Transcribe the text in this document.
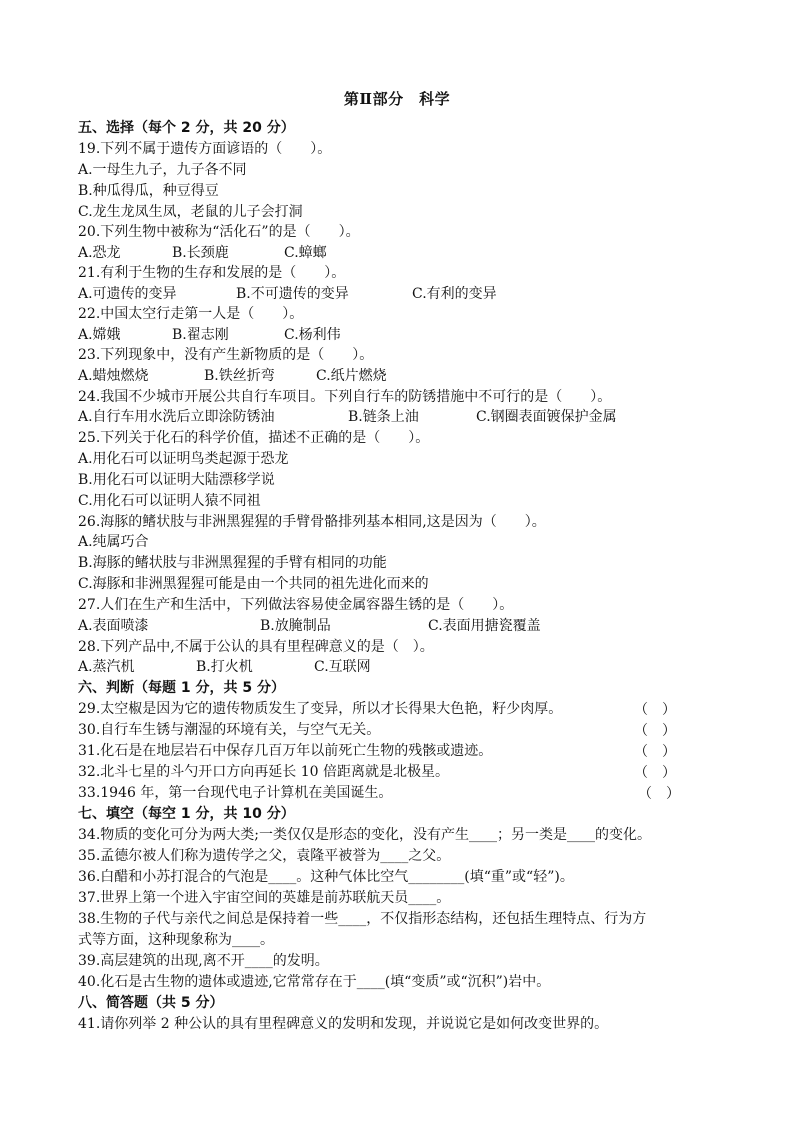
第Ⅱ部分　科学
五、选择（每个 2 分，共 20 分）
19.下列不属于遗传方面谚语的（　　）。
A.一母生九子，九子各不同
B.种瓜得瓜，种豆得豆
C.龙生龙凤生凤，老鼠的儿子会打洞
20.下列生物中被称为“活化石”的是（　　）。
A.恐龙	B.长颈鹿	C.蟑螂
21.有利于生物的生存和发展的是（　　）。
A.可遗传的变异	B.不可遗传的变异	C.有利的变异
22.中国太空行走第一人是（　　）。
A.嫦娥	B.翟志刚	C.杨利伟
23.下列现象中，没有产生新物质的是（　　）。
A.蜡烛燃烧	B.铁丝折弯	C.纸片燃烧
24.我国不少城市开展公共自行车项目。下列自行车的防锈措施中不可行的是（　　）。
A.自行车用水洗后立即涂防锈油	B.链条上油	C.钢圈表面镀保护金属
25.下列关于化石的科学价值，描述不正确的是（　　）。
A.用化石可以证明鸟类起源于恐龙
B.用化石可以证明大陆漂移学说
C.用化石可以证明人猿不同祖
26.海豚的鳍状肢与非洲黑猩猩的手臂骨骼排列基本相同,这是因为（　　）。
A.纯属巧合
B.海豚的鳍状肢与非洲黑猩猩的手臂有相同的功能
C.海豚和非洲黑猩猩可能是由一个共同的祖先进化而来的
27.人们在生产和生活中，下列做法容易使金属容器生锈的是（　　）。
A.表面喷漆	B.放腌制品	C.表面用搪瓷覆盖
28.下列产品中,不属于公认的具有里程碑意义的是（　）。
A.蒸汽机	B.打火机	C.互联网
六、判断（每题 1 分，共 5 分）
29.太空椒是因为它的遗传物质发生了变异，所以才长得果大色艳，籽少肉厚。	（　）
30.自行车生锈与潮湿的环境有关，与空气无关。	（　）
31.化石是在地层岩石中保存几百万年以前死亡生物的残骸或遗迹。	（　）
32.北斗七星的斗勺开口方向再延长 10 倍距离就是北极星。	（　）
33.1946 年，第一台现代电子计算机在美国诞生。	（　）
七、填空（每空 1 分，共 10 分）
34.物质的变化可分为两大类;一类仅仅是形态的变化，没有产生____；另一类是____的变化。
35.孟德尔被人们称为遗传学之父，袁隆平被誉为____之父。
36.白醋和小苏打混合的气泡是____。这种气体比空气________(填“重”或“轻”)。
37.世界上第一个进入宇宙空间的英雄是前苏联航天员____。
38.生物的子代与亲代之间总是保持着一些____，不仅指形态结构，还包括生理特点、行为方
式等方面，这种现象称为____。
39.高层建筑的出现,离不开____的发明。
40.化石是古生物的遗体或遗迹,它常常存在于____(填“变质”或“沉积”)岩中。
八、简答题（共 5 分）
41.请你列举 2 种公认的具有里程碑意义的发明和发现，并说说它是如何改变世界的。
